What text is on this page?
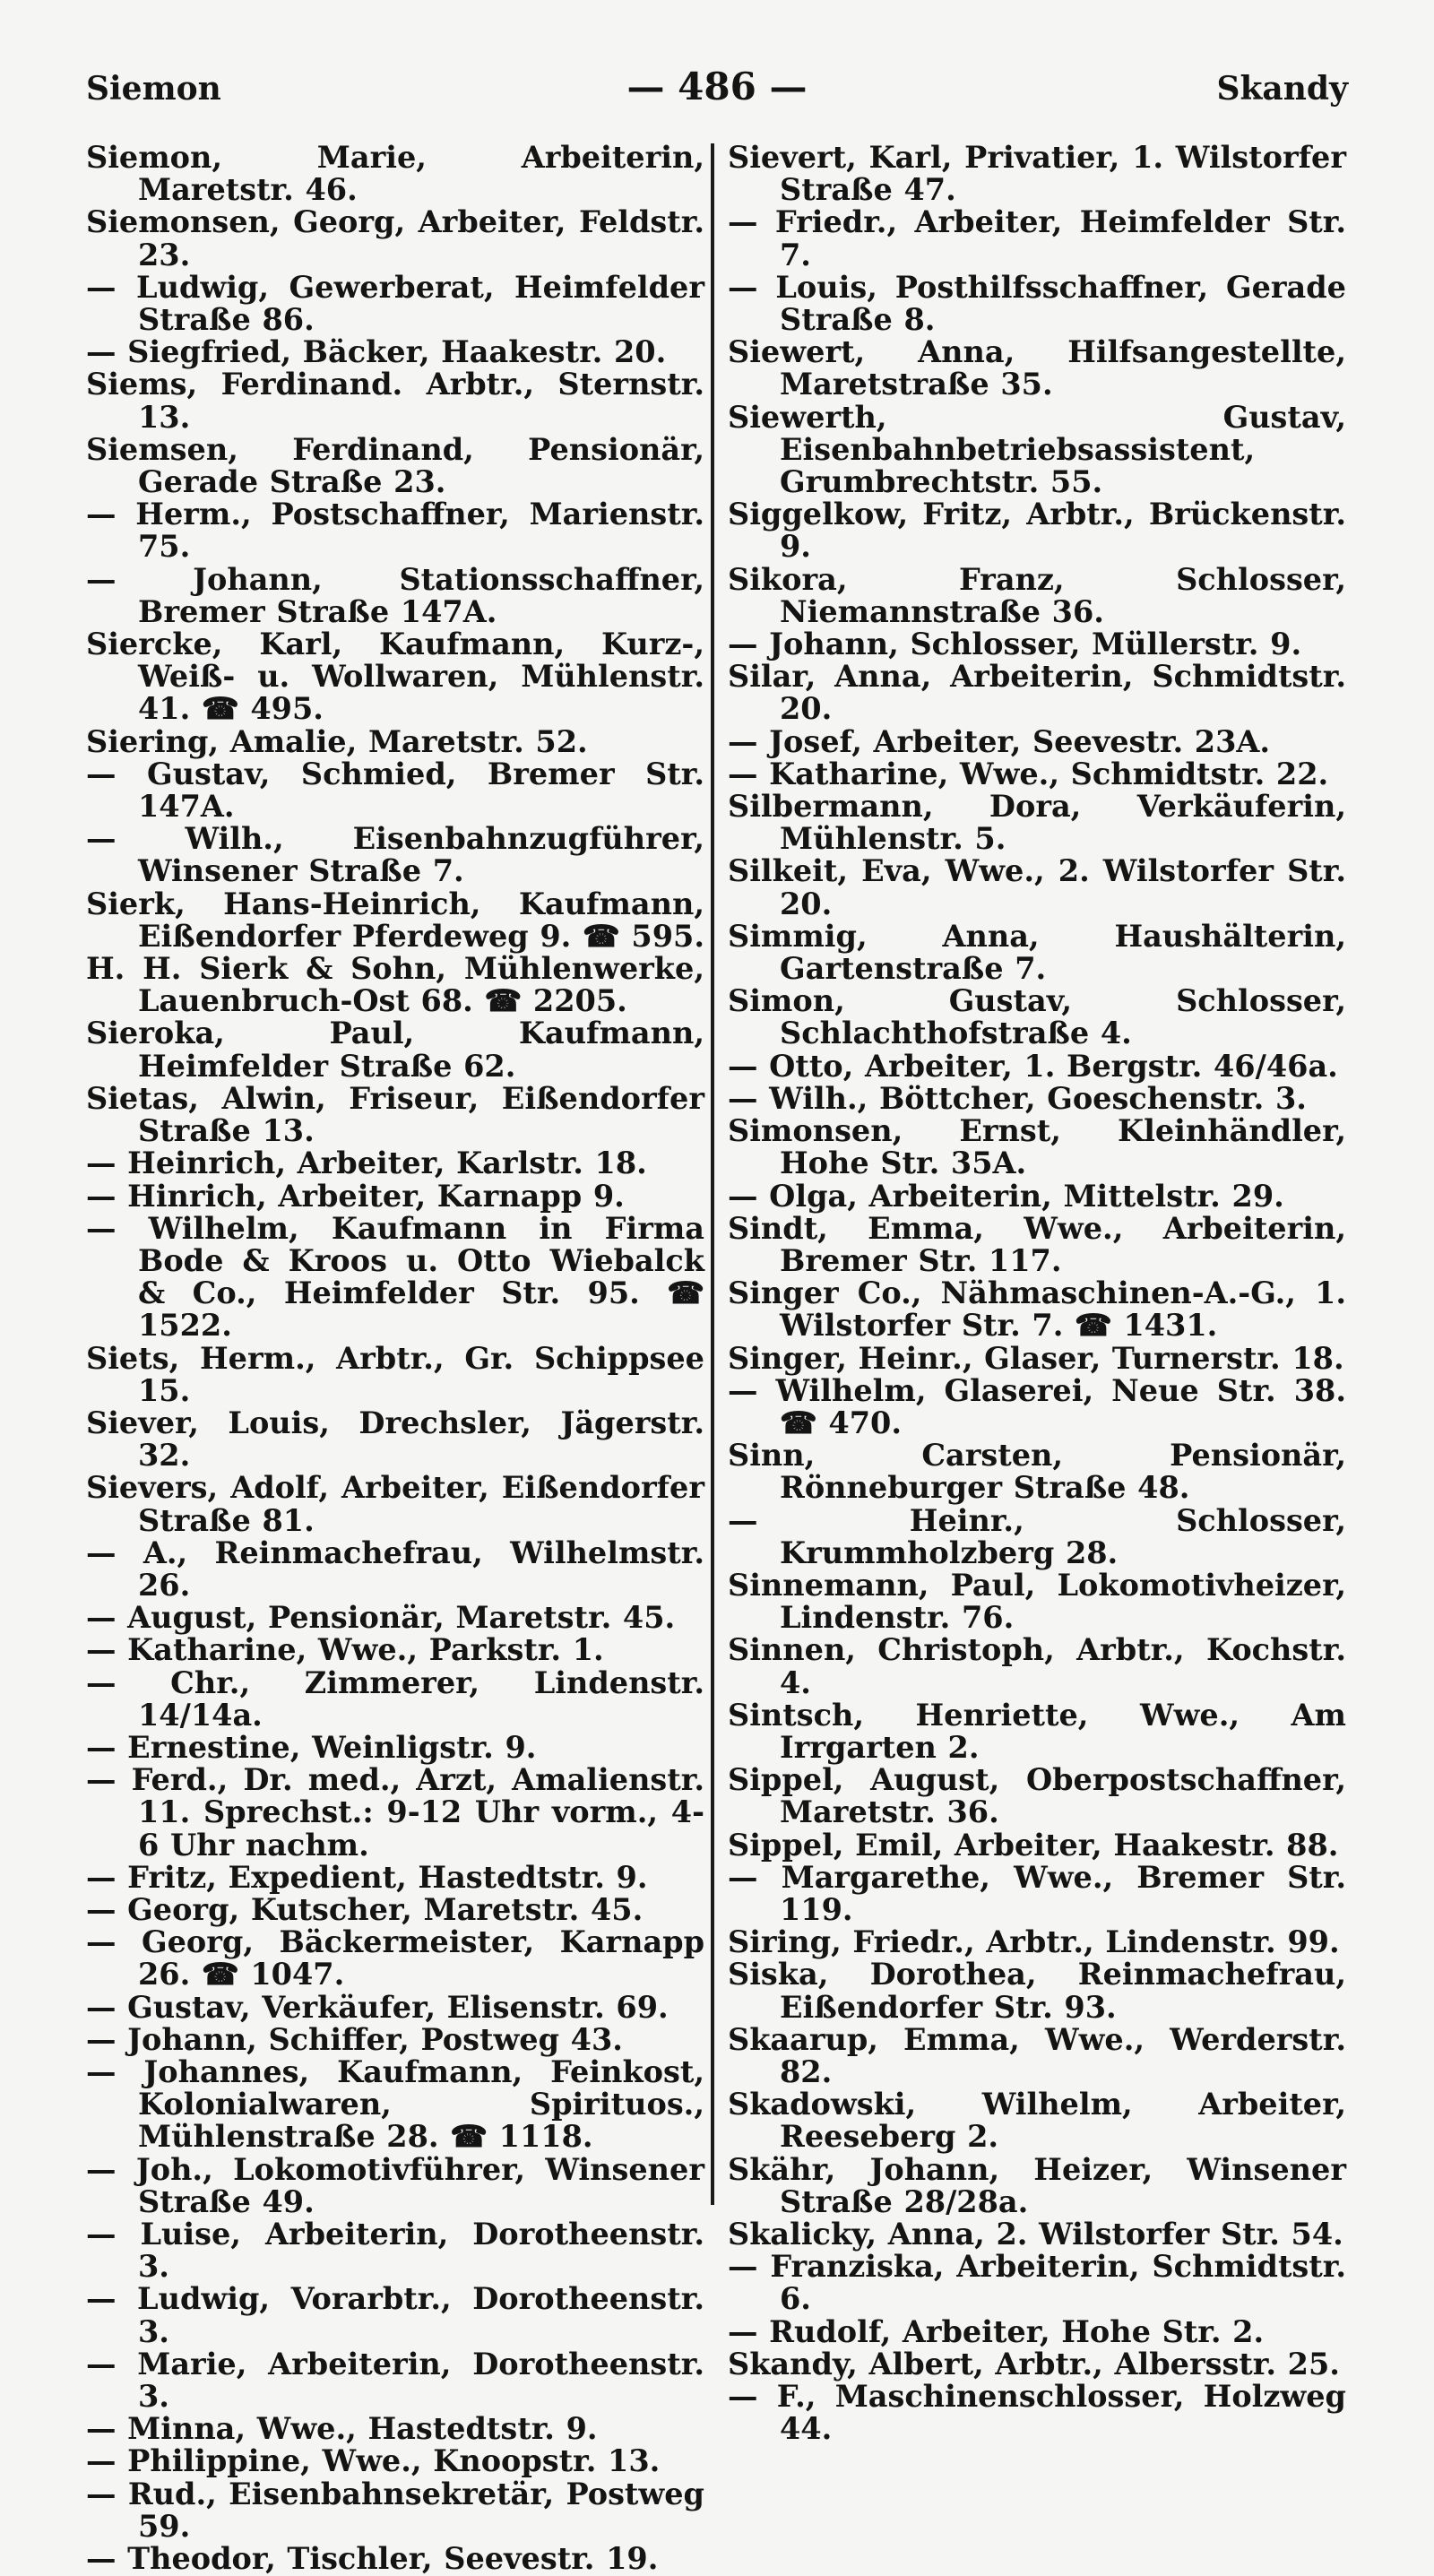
Siemon	— 486 —	Skandy

Siemon, Marie, Arbeiterin, Maretstr. 46.

Siemonsen, Georg, Arbeiter, Feldstr. 23.

— Ludwig, Gewerberat, Heimfelder Straße 86.

— Siegfried, Bäcker, Haakestr. 20.

Siems, Ferdinand. Arbtr., Sternstr. 13.

Siemsen, Ferdinand, Pensionär, Gerade Straße 23.

— Herm., Postschaffner, Marienstr. 75.

— Johann, Stationsschaffner, Bremer Straße 147A.

Siercke, Karl, Kaufmann, Kurz-, Weiß- u. Wollwaren, Mühlenstr. 41. ☎ 495.

Siering, Amalie, Maretstr. 52.

— Gustav, Schmied, Bremer Str. 147A.

— Wilh., Eisenbahnzugführer, Winsener Straße 7.

Sierk, Hans-Heinrich, Kaufmann, Eißendorfer Pferdeweg 9. ☎ 595.

H. H. Sierk & Sohn, Mühlenwerke, Lauenbruch-Ost 68. ☎ 2205.

Sieroka, Paul, Kaufmann, Heimfelder Straße 62.

Sietas, Alwin, Friseur, Eißendorfer Straße 13.

— Heinrich, Arbeiter, Karlstr. 18.

— Hinrich, Arbeiter, Karnapp 9.

— Wilhelm, Kaufmann in Firma Bode & Kroos u. Otto Wiebalck & Co., Heimfelder Str. 95. ☎ 1522.

Siets, Herm., Arbtr., Gr. Schippsee 15.

Siever, Louis, Drechsler, Jägerstr. 32.

Sievers, Adolf, Arbeiter, Eißendorfer Straße 81.

— A., Reinmachefrau, Wilhelmstr. 26.

— August, Pensionär, Maretstr. 45.

— Katharine, Wwe., Parkstr. 1.

— Chr., Zimmerer, Lindenstr. 14/14a.

— Ernestine, Weinligstr. 9.

— Ferd., Dr. med., Arzt, Amalienstr. 11. Sprechst.: 9-12 Uhr vorm., 4-6 Uhr nachm.

— Fritz, Expedient, Hastedtstr. 9.

— Georg, Kutscher, Maretstr. 45.

— Georg, Bäckermeister, Karnapp 26. ☎ 1047.

— Gustav, Verkäufer, Elisenstr. 69.

— Johann, Schiffer, Postweg 43.

— Johannes, Kaufmann, Feinkost, Kolonialwaren, Spirituos., Mühlenstraße 28. ☎ 1118.

— Joh., Lokomotivführer, Winsener Straße 49.

— Luise, Arbeiterin, Dorotheenstr. 3.

— Ludwig, Vorarbtr., Dorotheenstr. 3.

— Marie, Arbeiterin, Dorotheenstr. 3.

— Minna, Wwe., Hastedtstr. 9.

— Philippine, Wwe., Knoopstr. 13.

— Rud., Eisenbahnsekretär, Postweg 59.

— Theodor, Tischler, Seevestr. 19.

Sievert, Karl, Privatier, 1. Wilstorfer Straße 47.

— Friedr., Arbeiter, Heimfelder Str. 7.

— Louis, Posthilfsschaffner, Gerade Straße 8.

Siewert, Anna, Hilfsangestellte, Maretstraße 35.

Siewerth, Gustav, Eisenbahnbetriebsassistent, Grumbrechtstr. 55.

Siggelkow, Fritz, Arbtr., Brückenstr. 9.

Sikora, Franz, Schlosser, Niemannstraße 36.

— Johann, Schlosser, Müllerstr. 9.

Silar, Anna, Arbeiterin, Schmidtstr. 20.

— Josef, Arbeiter, Seevestr. 23A.

— Katharine, Wwe., Schmidtstr. 22.

Silbermann, Dora, Verkäuferin, Mühlenstr. 5.

Silkeit, Eva, Wwe., 2. Wilstorfer Str. 20.

Simmig, Anna, Haushälterin, Gartenstraße 7.

Simon, Gustav, Schlosser, Schlachthofstraße 4.

— Otto, Arbeiter, 1. Bergstr. 46/46a.

— Wilh., Böttcher, Goeschenstr. 3.

Simonsen, Ernst, Kleinhändler, Hohe Str. 35A.

— Olga, Arbeiterin, Mittelstr. 29.

Sindt, Emma, Wwe., Arbeiterin, Bremer Str. 117.

Singer Co., Nähmaschinen-A.-G., 1. Wilstorfer Str. 7. ☎ 1431.

Singer, Heinr., Glaser, Turnerstr. 18.

— Wilhelm, Glaserei, Neue Str. 38. ☎ 470.

Sinn, Carsten, Pensionär, Rönneburger Straße 48.

— Heinr., Schlosser, Krummholzberg 28.

Sinnemann, Paul, Lokomotivheizer, Lindenstr. 76.

Sinnen, Christoph, Arbtr., Kochstr. 4.

Sintsch, Henriette, Wwe., Am Irrgarten 2.

Sippel, August, Oberpostschaffner, Maretstr. 36.

Sippel, Emil, Arbeiter, Haakestr. 88.

— Margarethe, Wwe., Bremer Str. 119.

Siring, Friedr., Arbtr., Lindenstr. 99.

Siska, Dorothea, Reinmachefrau, Eißendorfer Str. 93.

Skaarup, Emma, Wwe., Werderstr. 82.

Skadowski, Wilhelm, Arbeiter, Reeseberg 2.

Skähr, Johann, Heizer, Winsener Straße 28/28a.

Skalicky, Anna, 2. Wilstorfer Str. 54.

— Franziska, Arbeiterin, Schmidtstr. 6.

— Rudolf, Arbeiter, Hohe Str. 2.

Skandy, Albert, Arbtr., Albersstr. 25.

— F., Maschinenschlosser, Holzweg 44.
